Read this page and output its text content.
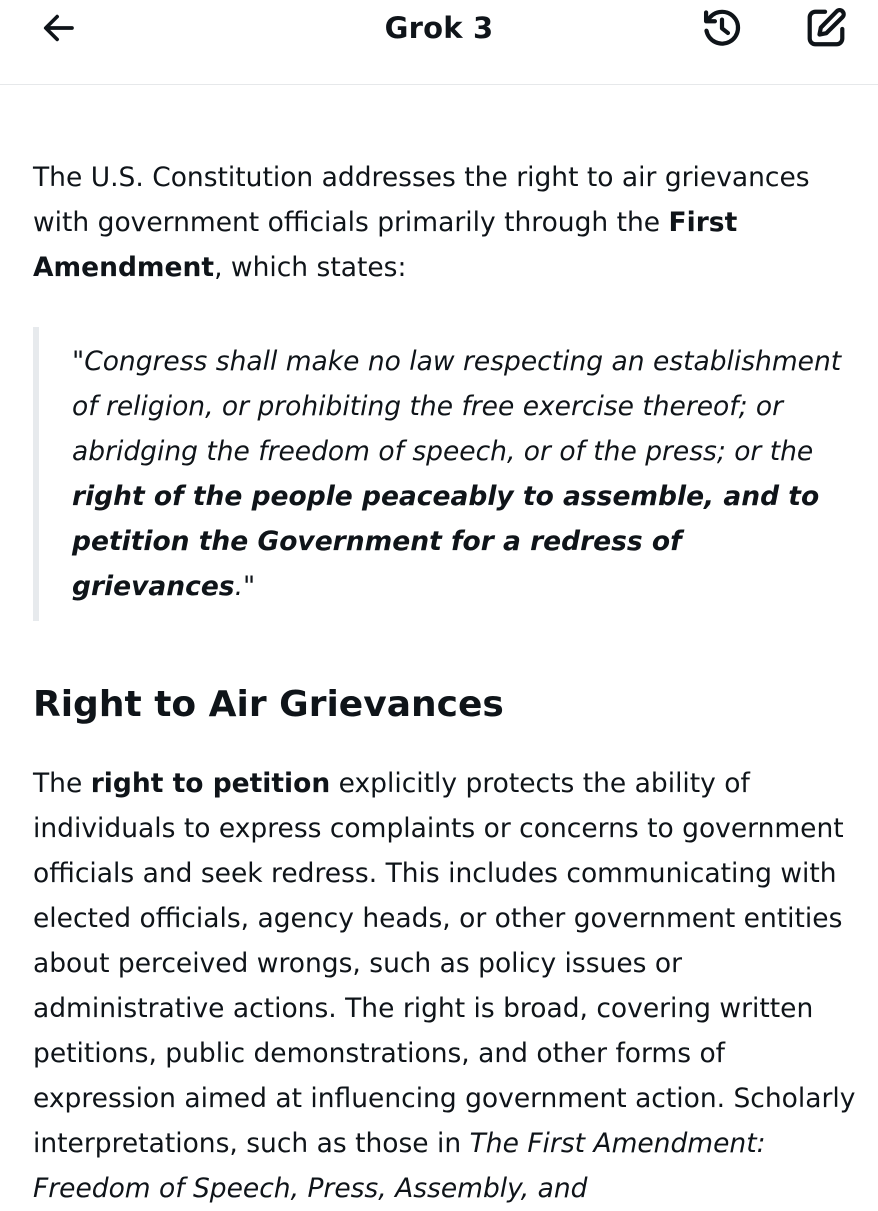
Grok 3

The U.S. Constitution addresses the right to air grievances with government officials primarily through the First Amendment, which states:

"Congress shall make no law respecting an establishment of religion, or prohibiting the free exercise thereof; or abridging the freedom of speech, or of the press; or the right of the people peaceably to assemble, and to petition the Government for a redress of grievances."

Right to Air Grievances

The right to petition explicitly protects the ability of individuals to express complaints or concerns to government officials and seek redress. This includes communicating with elected officials, agency heads, or other government entities about perceived wrongs, such as policy issues or administrative actions. The right is broad, covering written petitions, public demonstrations, and other forms of expression aimed at influencing government action. Scholarly interpretations, such as those in The First Amendment: Freedom of Speech, Press, Assembly, and
